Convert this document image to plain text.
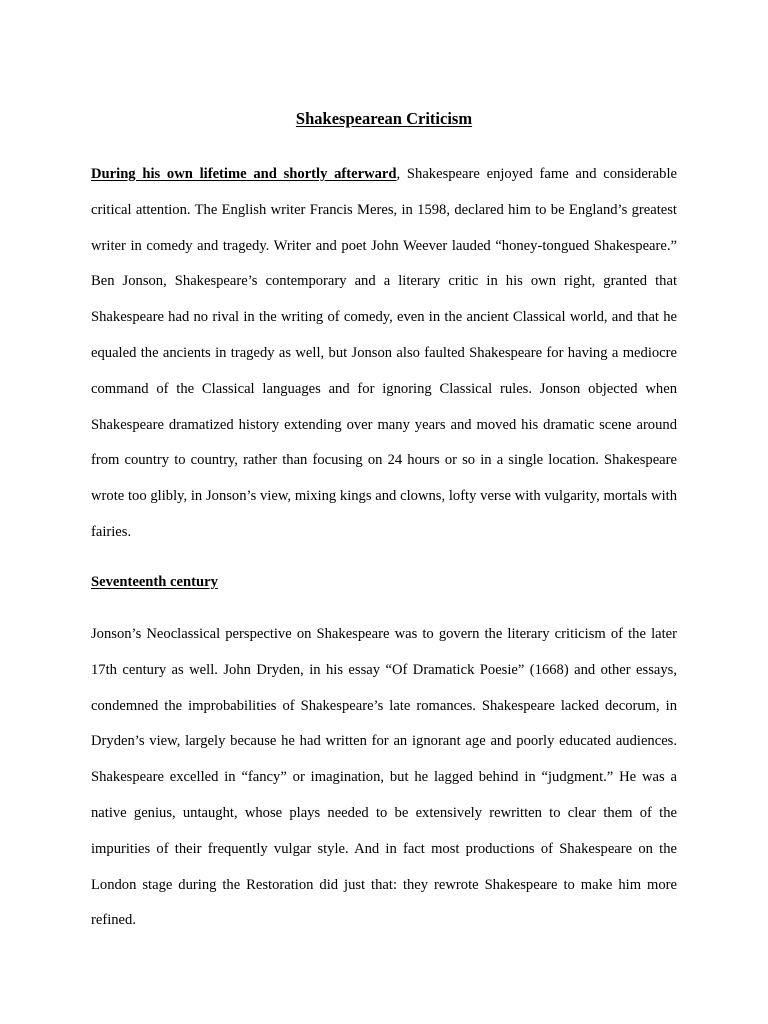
Shakespearean Criticism

During his own lifetime and shortly afterward, Shakespeare enjoyed fame and considerable critical attention. The English writer Francis Meres, in 1598, declared him to be England’s greatest writer in comedy and tragedy. Writer and poet John Weever lauded “honey-tongued Shakespeare.” Ben Jonson, Shakespeare’s contemporary and a literary critic in his own right, granted that Shakespeare had no rival in the writing of comedy, even in the ancient Classical world, and that he equaled the ancients in tragedy as well, but Jonson also faulted Shakespeare for having a mediocre command of the Classical languages and for ignoring Classical rules. Jonson objected when Shakespeare dramatized history extending over many years and moved his dramatic scene around from country to country, rather than focusing on 24 hours or so in a single location. Shakespeare wrote too glibly, in Jonson’s view, mixing kings and clowns, lofty verse with vulgarity, mortals with fairies.

Seventeenth century

Jonson’s Neoclassical perspective on Shakespeare was to govern the literary criticism of the later 17th century as well. John Dryden, in his essay “Of Dramatick Poesie” (1668) and other essays, condemned the improbabilities of Shakespeare’s late romances. Shakespeare lacked decorum, in Dryden’s view, largely because he had written for an ignorant age and poorly educated audiences. Shakespeare excelled in “fancy” or imagination, but he lagged behind in “judgment.” He was a native genius, untaught, whose plays needed to be extensively rewritten to clear them of the impurities of their frequently vulgar style. And in fact most productions of Shakespeare on the London stage during the Restoration did just that: they rewrote Shakespeare to make him more refined.
